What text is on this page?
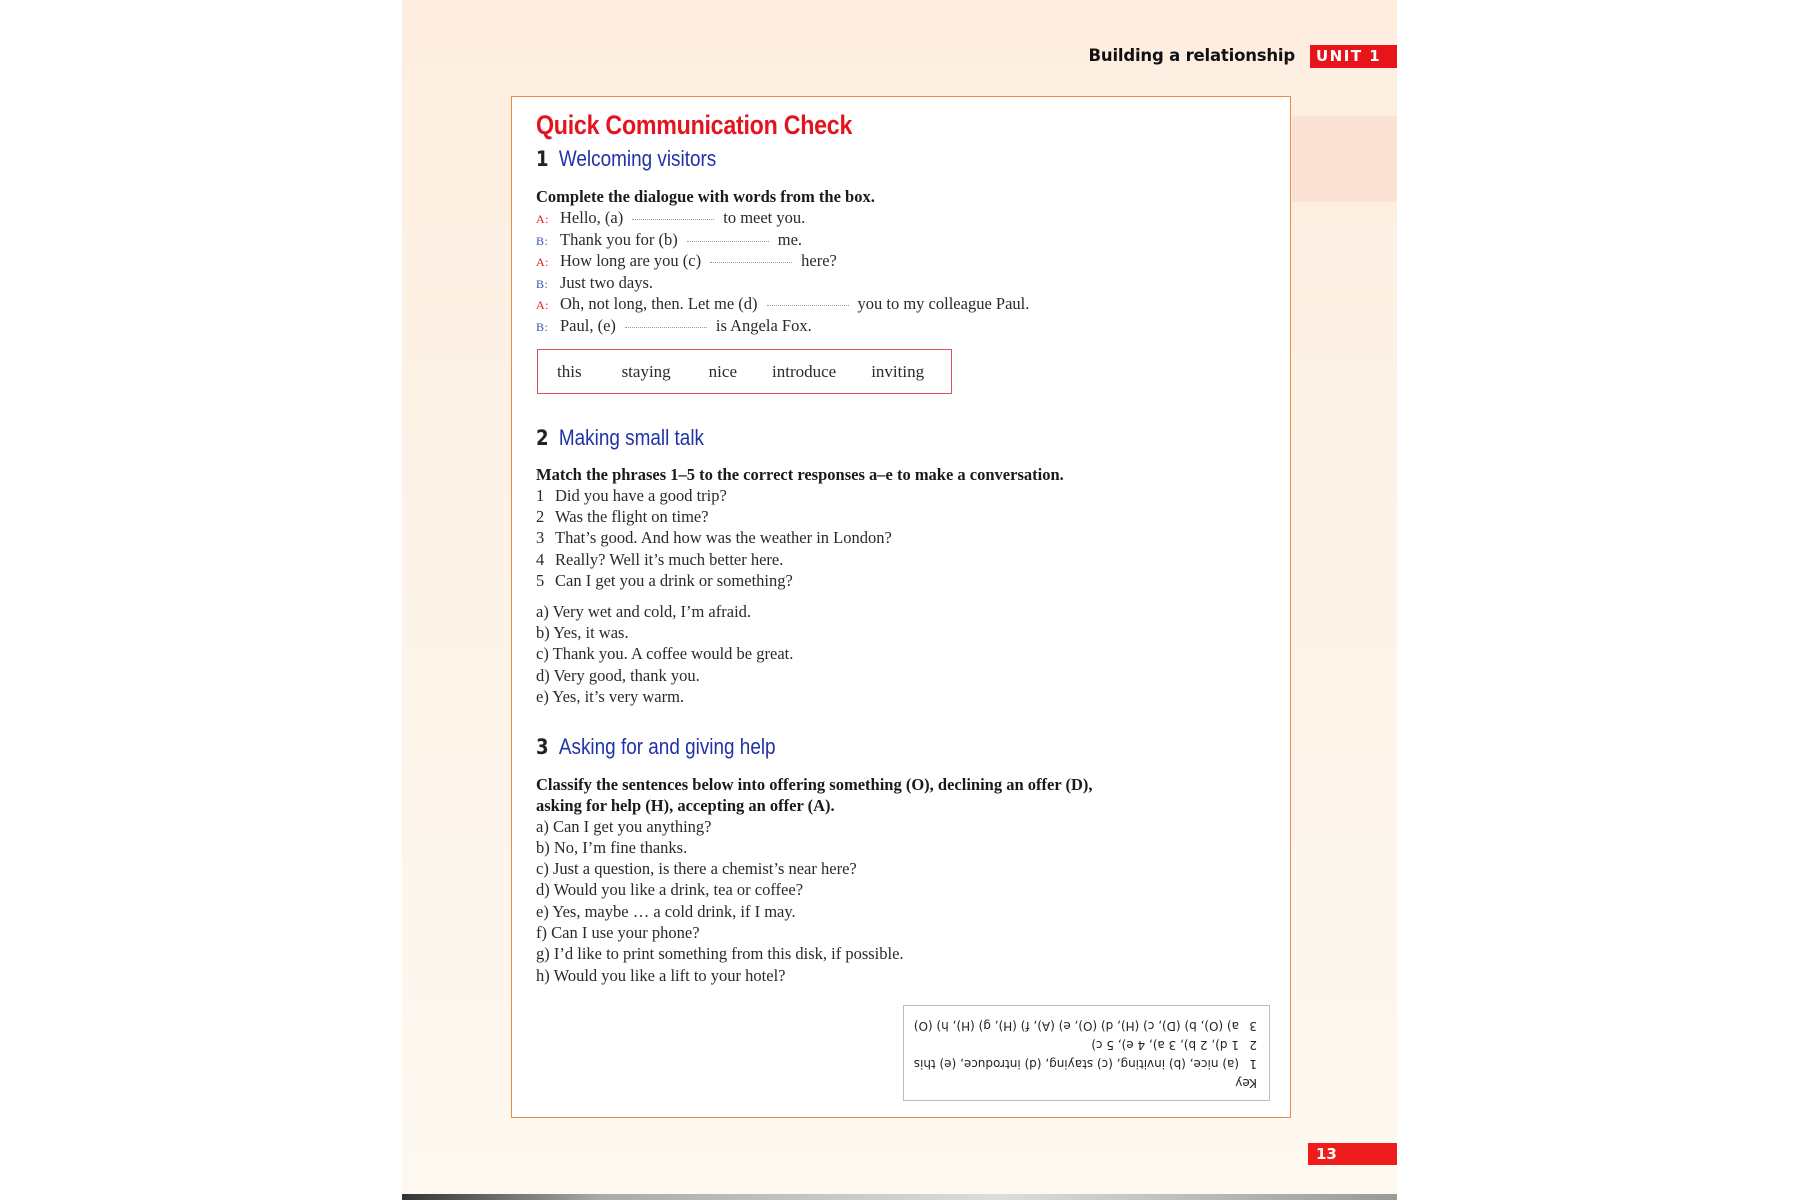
Building a relationship	UNIT 1
Quick Communication Check
1 Welcoming visitors
Complete the dialogue with words from the box.
A: Hello, (a)	to meet you.
B: Thank you for (b)	me.
A: How long are you (c)	here?
B: Just two days.
A: Oh, not long, then. Let me (d)	you to my colleague Paul.
B: Paul, (e)	is Angela Fox.
this staying nice introduce inviting
2 Making small talk
Match the phrases 1–5 to the correct responses a–e to make a conversation.
1 Did you have a good trip?
2 Was the flight on time?
3 That’s good. And how was the weather in London?
4 Really? Well it’s much better here.
5 Can I get you a drink or something?
a) Very wet and cold, I’m afraid.
b) Yes, it was.
c) Thank you. A coffee would be great.
d) Very good, thank you.
e) Yes, it’s very warm.
3 Asking for and giving help
Classify the sentences below into offering something (O), declining an offer (D),
asking for help (H), accepting an offer (A).
a) Can I get you anything?
b) No, I’m fine thanks.
c) Just a question, is there a chemist’s near here?
d) Would you like a drink, tea or coffee?
e) Yes, maybe … a cold drink, if I may.
f) Can I use your phone?
g) I’d like to print something from this disk, if possible.
h) Would you like a lift to your hotel?
Key
1(a) nice, (b) inviting, (c) staying, (d) introduce, (e) this
21 d), 2 b), 3 a), 4 e), 5 c)
3a) (O), b) (D), c) (H), d) (O), e) (A), f) (H), g) (H), h) (O)
13
